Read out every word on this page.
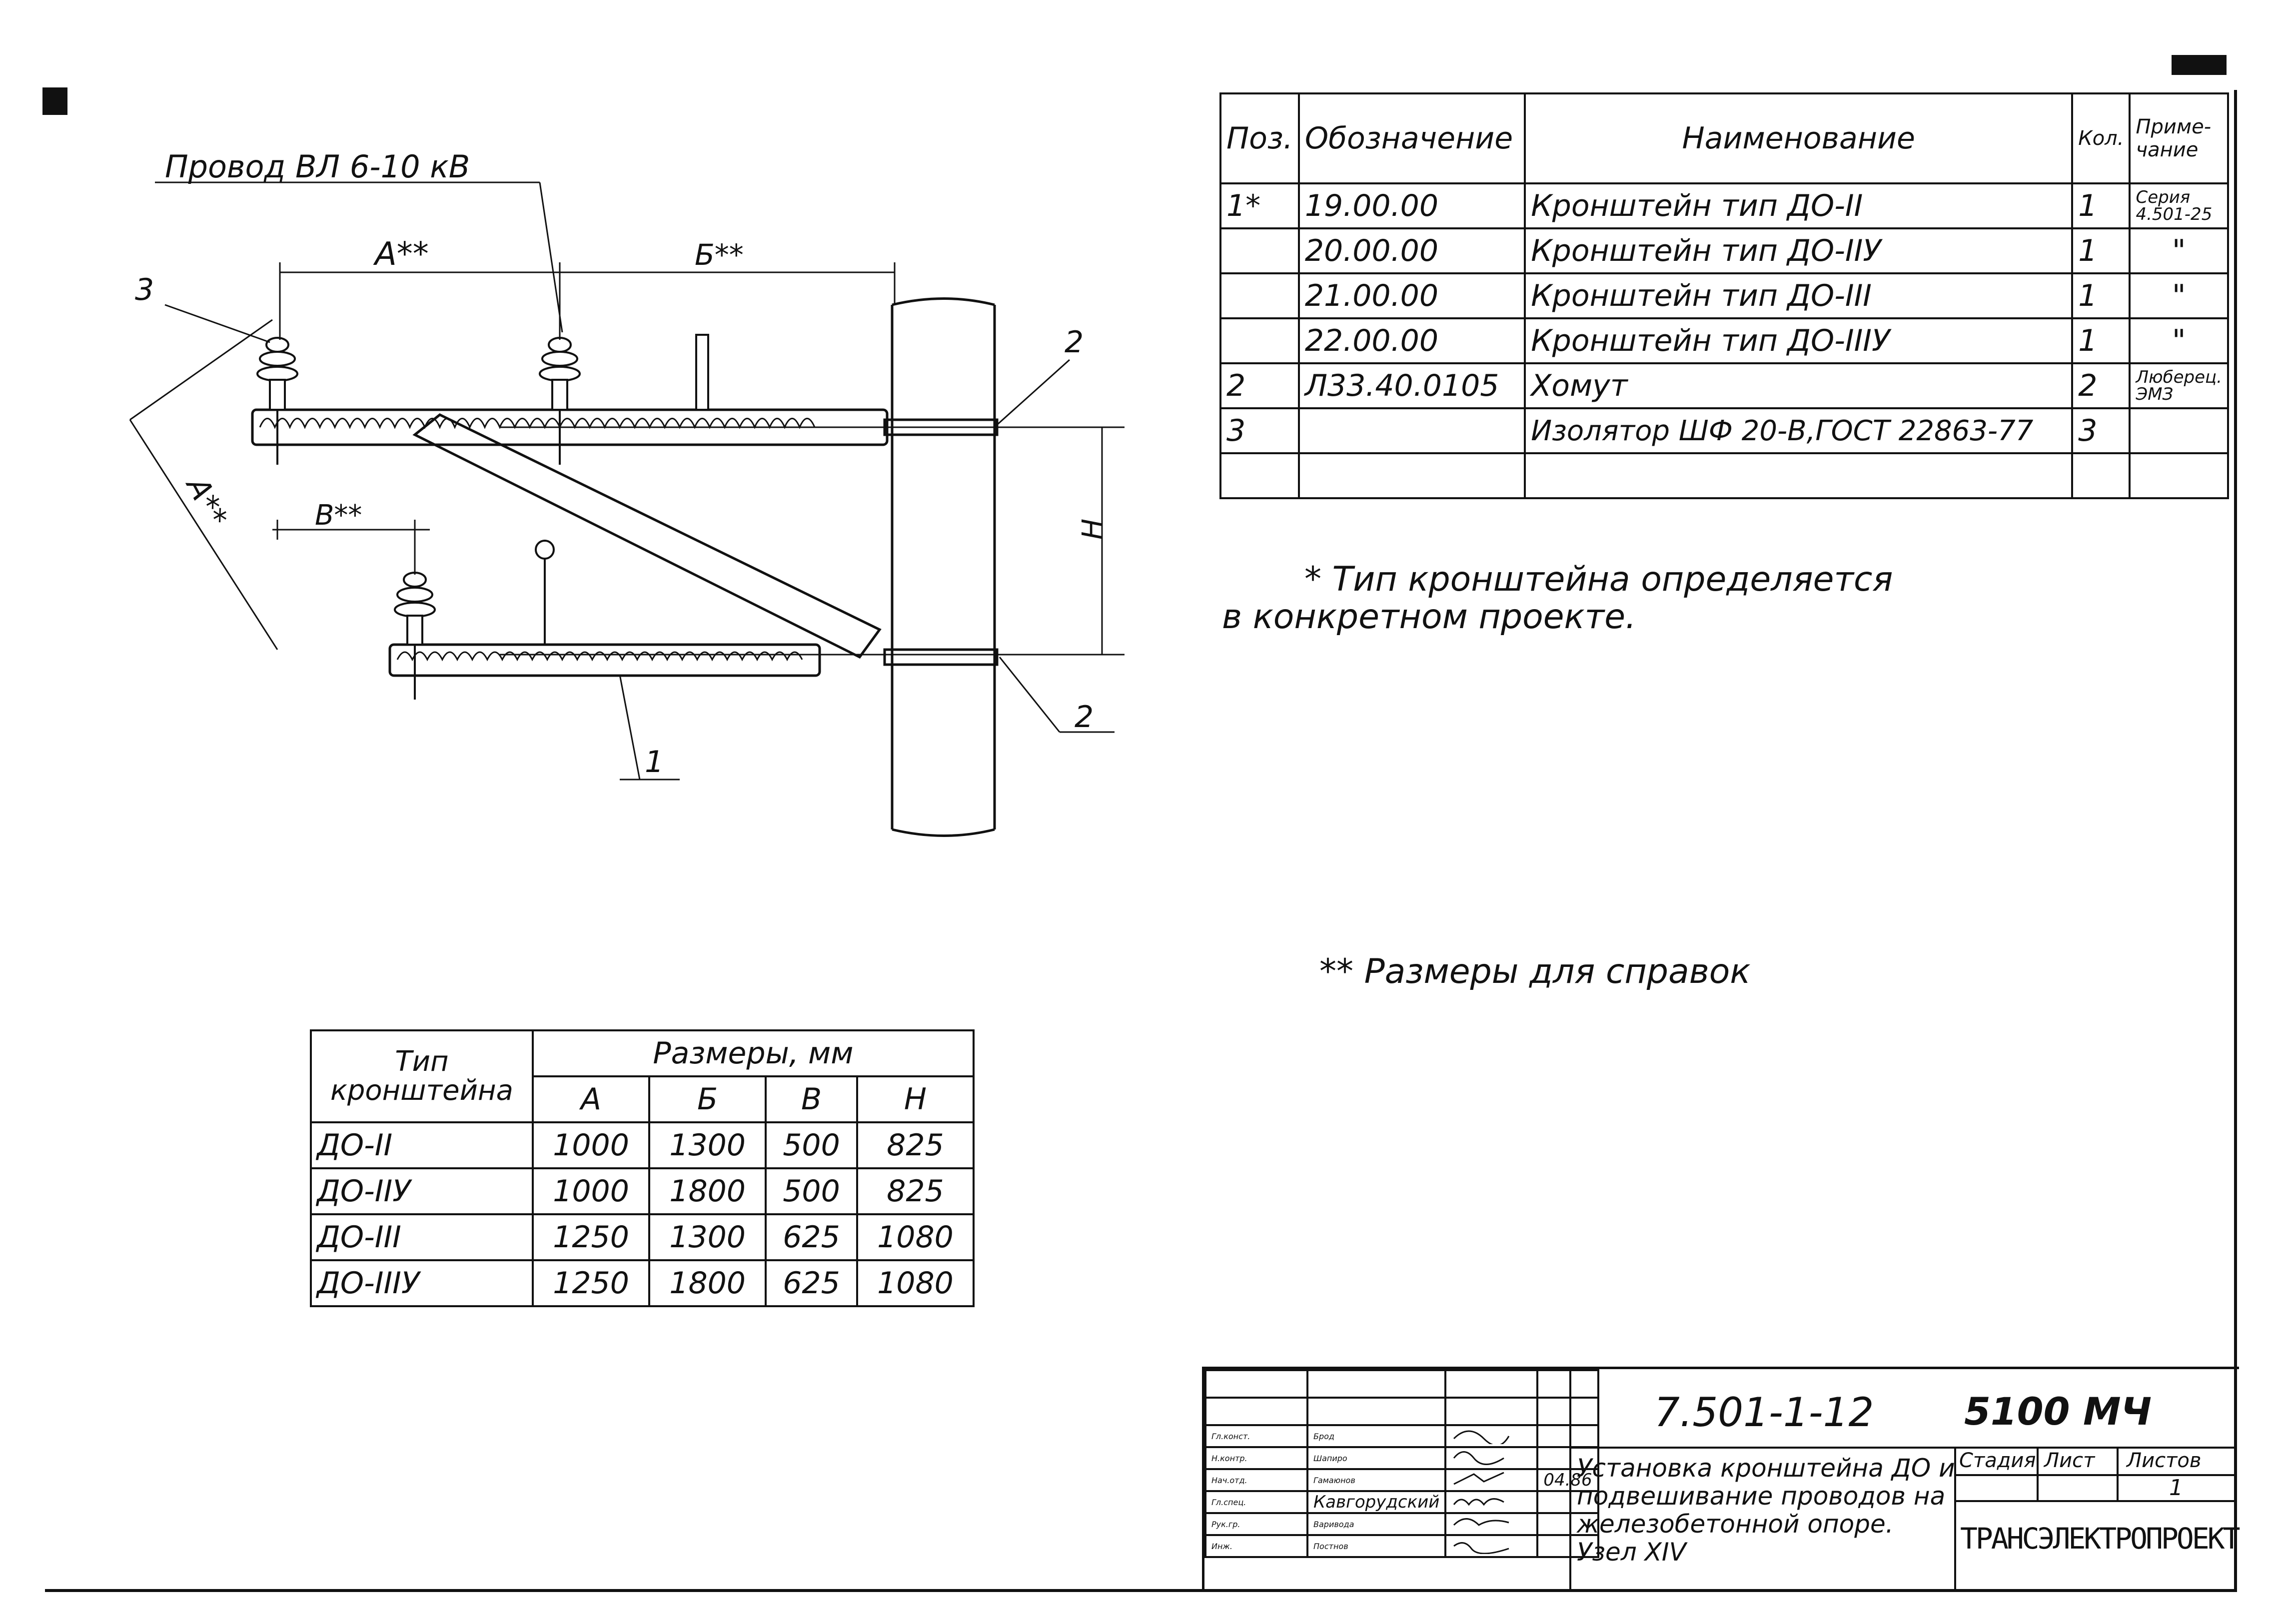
Провод ВЛ 6-10 кВ
А**	Б**
В**
А**	Н
3
2
2
1
Поз.	Обозначение	Наименование	Кол.	Приме-чание
1*	19.00.00	Кронштейн тип ДО-II	1	Серия 4.501-25
	20.00.00	Кронштейн тип ДО-IIУ	1	"
	21.00.00	Кронштейн тип ДО-III	1	"
	22.00.00	Кронштейн тип ДО-IIIУ	1	"
2	Л33.40.0105	Хомут	2	Люберец. ЭМЗ
3		Изолятор ШФ 20-В,ГОСТ 22863-77	3	

* Тип кронштейна определяется
в конкретном проекте.
** Размеры для справок
Тип кронштейна	Размеры, мм			
	А	Б	В	Н
ДО-II	1000	1300	500	825
ДО-IIУ	1000	1800	500	825
ДО-III	1250	1300	625	1080
ДО-IIIУ	1250	1800	625	1080

Гл.конст.	Брод		
Н.контр.	Шапиро		
Нач.отд.	Гамаюнов		04.86
Гл.спец.	Кавгорудский		
Рук.гр.	Варивода		
Инж.	Постнов		
7.501-1-12 5100 МЧ
Установка кронштейна ДО и подвешивание проводов на железобетонной опоре. Узел XIV
Стадия Лист Листов
1
ТРАНСЭЛЕКТРОПРОЕКТ
